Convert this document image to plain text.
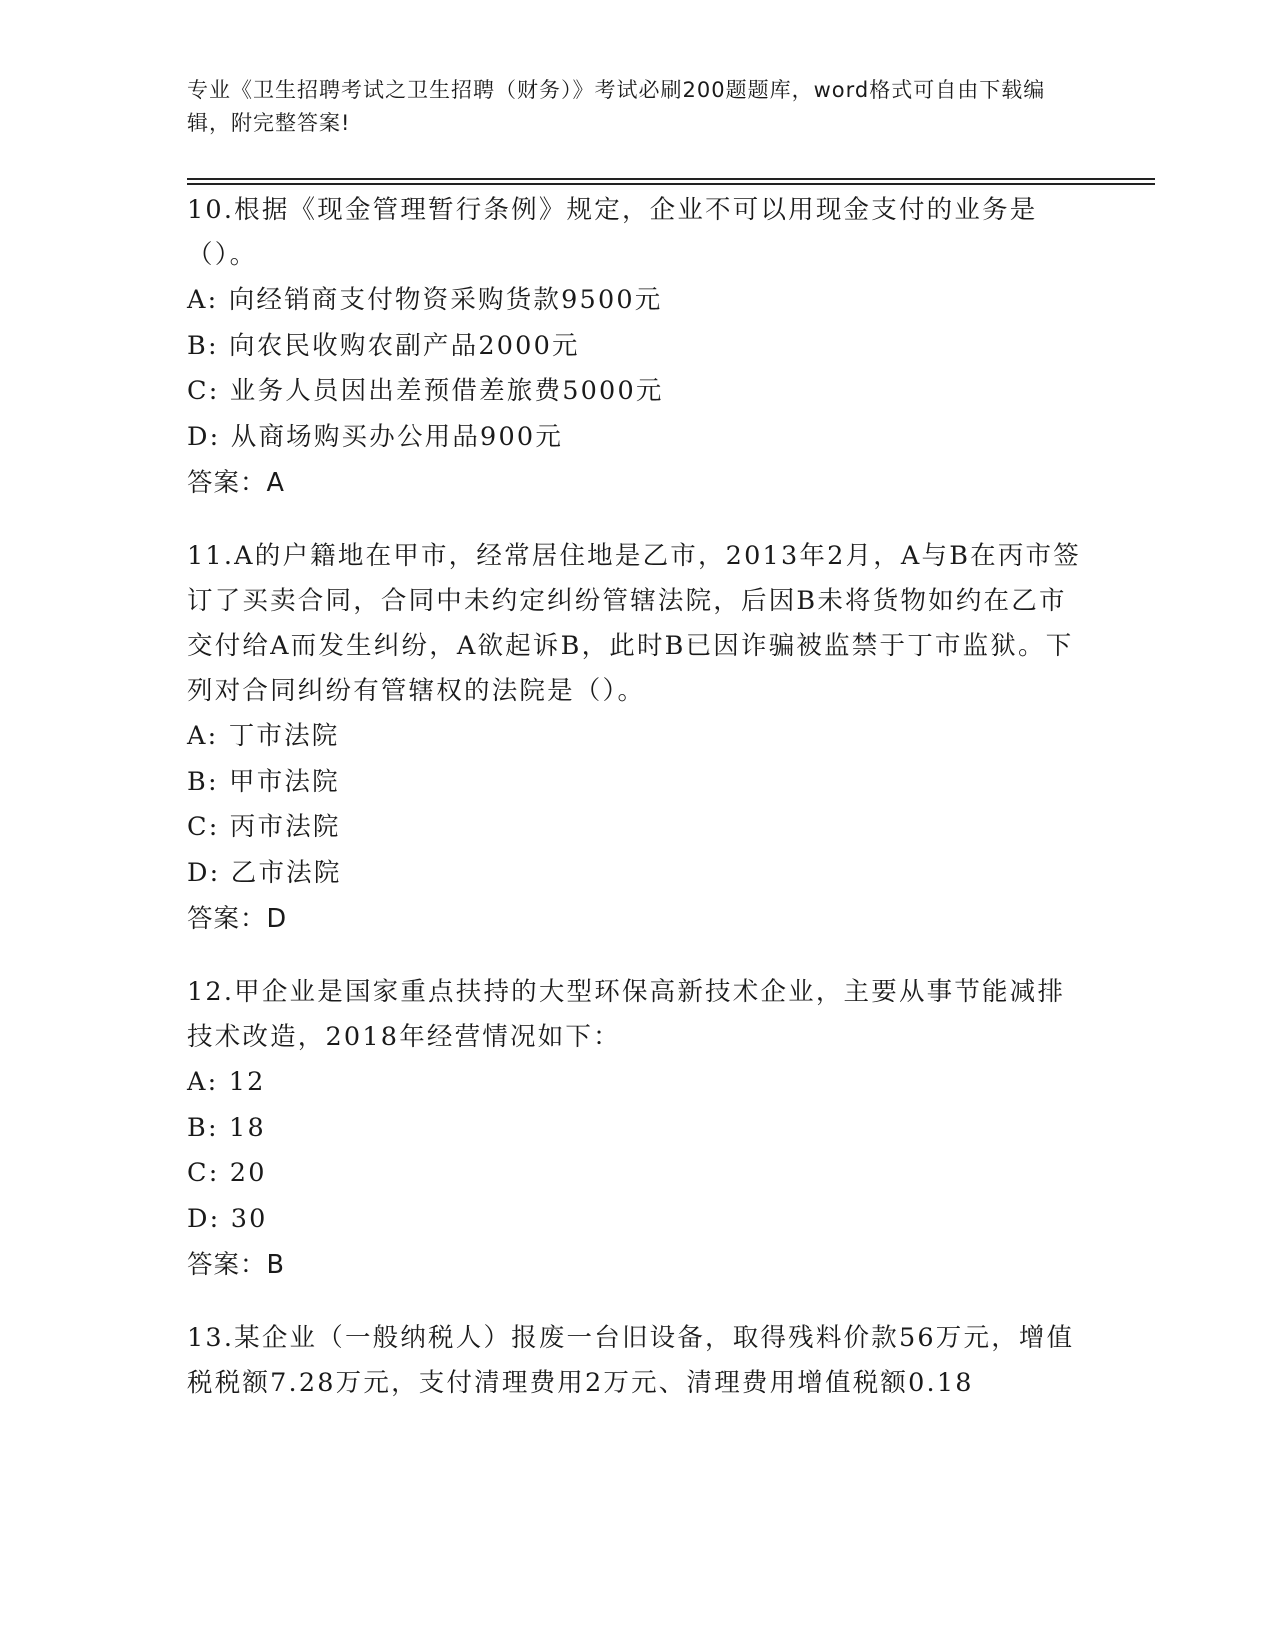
专业《卫生招聘考试之卫生招聘（财务）》考试必刷200题题库，word格式可自由下载编辑，附完整答案!

10.根据《现金管理暂行条例》规定，企业不可以用现金支付的业务是（）。

A: 向经销商支付物资采购货款9500元

B: 向农民收购农副产品2000元

C: 业务人员因出差预借差旅费5000元

D: 从商场购买办公用品900元

答案：A

11.A的户籍地在甲市，经常居住地是乙市，2013年2月，A与B在丙市签订了买卖合同，合同中未约定纠纷管辖法院，后因B未将货物如约在乙市交付给A而发生纠纷，A欲起诉B，此时B已因诈骗被监禁于丁市监狱。下列对合同纠纷有管辖权的法院是（）。

A: 丁市法院

B: 甲市法院

C: 丙市法院

D: 乙市法院

答案：D

12.甲企业是国家重点扶持的大型环保高新技术企业，主要从事节能减排技术改造，2018年经营情况如下：

A: 12

B: 18

C: 20

D: 30

答案：B

13.某企业（一般纳税人）报废一台旧设备，取得残料价款56万元，增值税税额7.28万元，支付清理费用2万元、清理费用增值税额0.18
